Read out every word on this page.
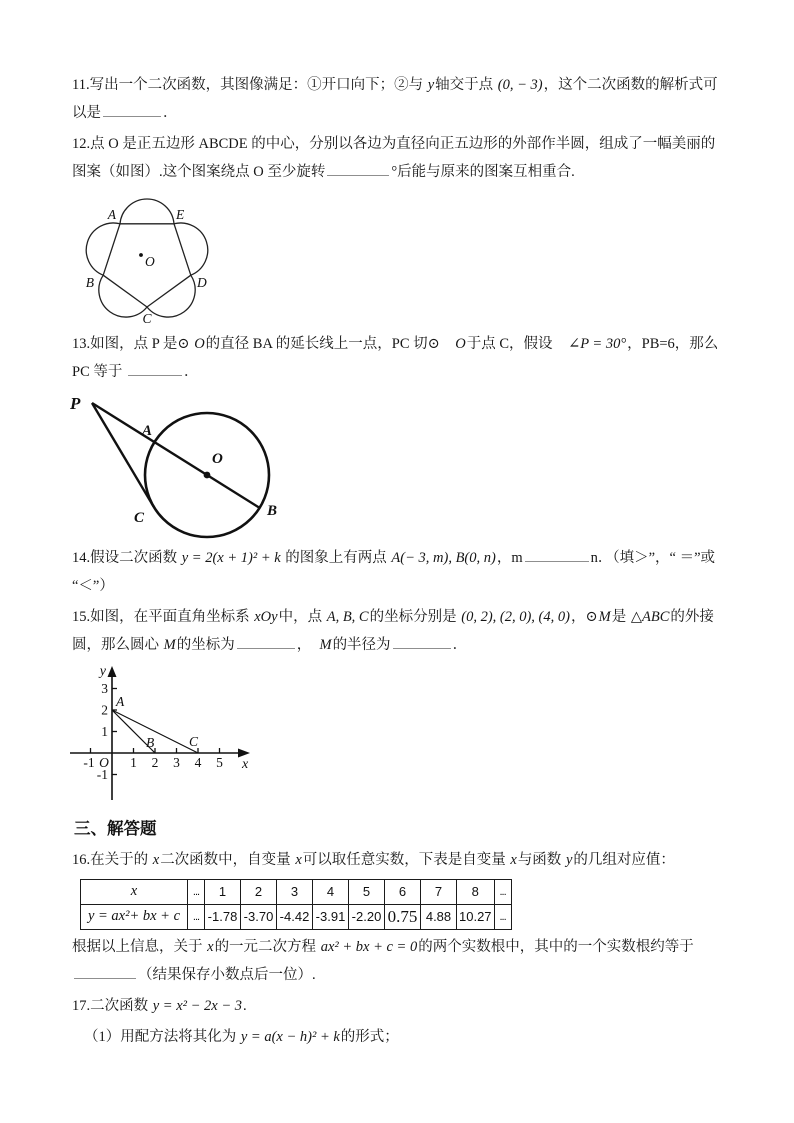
11.写出一个二次函数，其图像满足：①开口向下；②与 y轴交于点 (0, − 3)，这个二次函数的解析式可以是	．

12.点 O 是正五边形 ABCDE 的中心，分别以各边为直径向正五边形的外部作半圆，组成了一幅美丽的图案（如图）.这个图案绕点 O 至少旋转	°后能与原来的图案互相重合.

A	E
B	D
C
O

13.如图，点 P 是⊙ O的直径 BA 的延长线上一点，PC 切⊙　O于点 C，假设　∠P = 30°，PB=6，那么 PC 等于	．

P
A
O
B
C

14.假设二次函数 y = 2(x + 1)² + k 的图象上有两点 A(− 3, m), B(0, n)，m	n．（填＞”，“ ＝”或 “＜”）

15.如图，在平面直角坐标系 xOy中，点 A, B, C的坐标分别是 (0, 2), (2, 0), (4, 0)，⊙M是 △ABC的外接圆，那么圆心 M的坐标为	，　M的半径为	．

-1 O 1 2 3 4 5 x
3
2
1
-1
y
A
B	C
三、解答题

16.在关于的 x二次函数中，自变量 x可以取任意实数，下表是自变量 x与函数 y的几组对应值：

x	...	1	2	3	4	5	6	7	8	...
y = ax²+ bx + c	...	-1.78	-3.70	-4.42	-3.91	-2.20	0.75	4.88	10.27	...

根据以上信息，关于 x的一元二次方程 ax² + bx + c = 0的两个实数根中，其中的一个实数根约等于（结果保存小数点后一位）.

17.二次函数 y = x² − 2x − 3.

（1）用配方法将其化为 y = a(x − h)² + k的形式；
